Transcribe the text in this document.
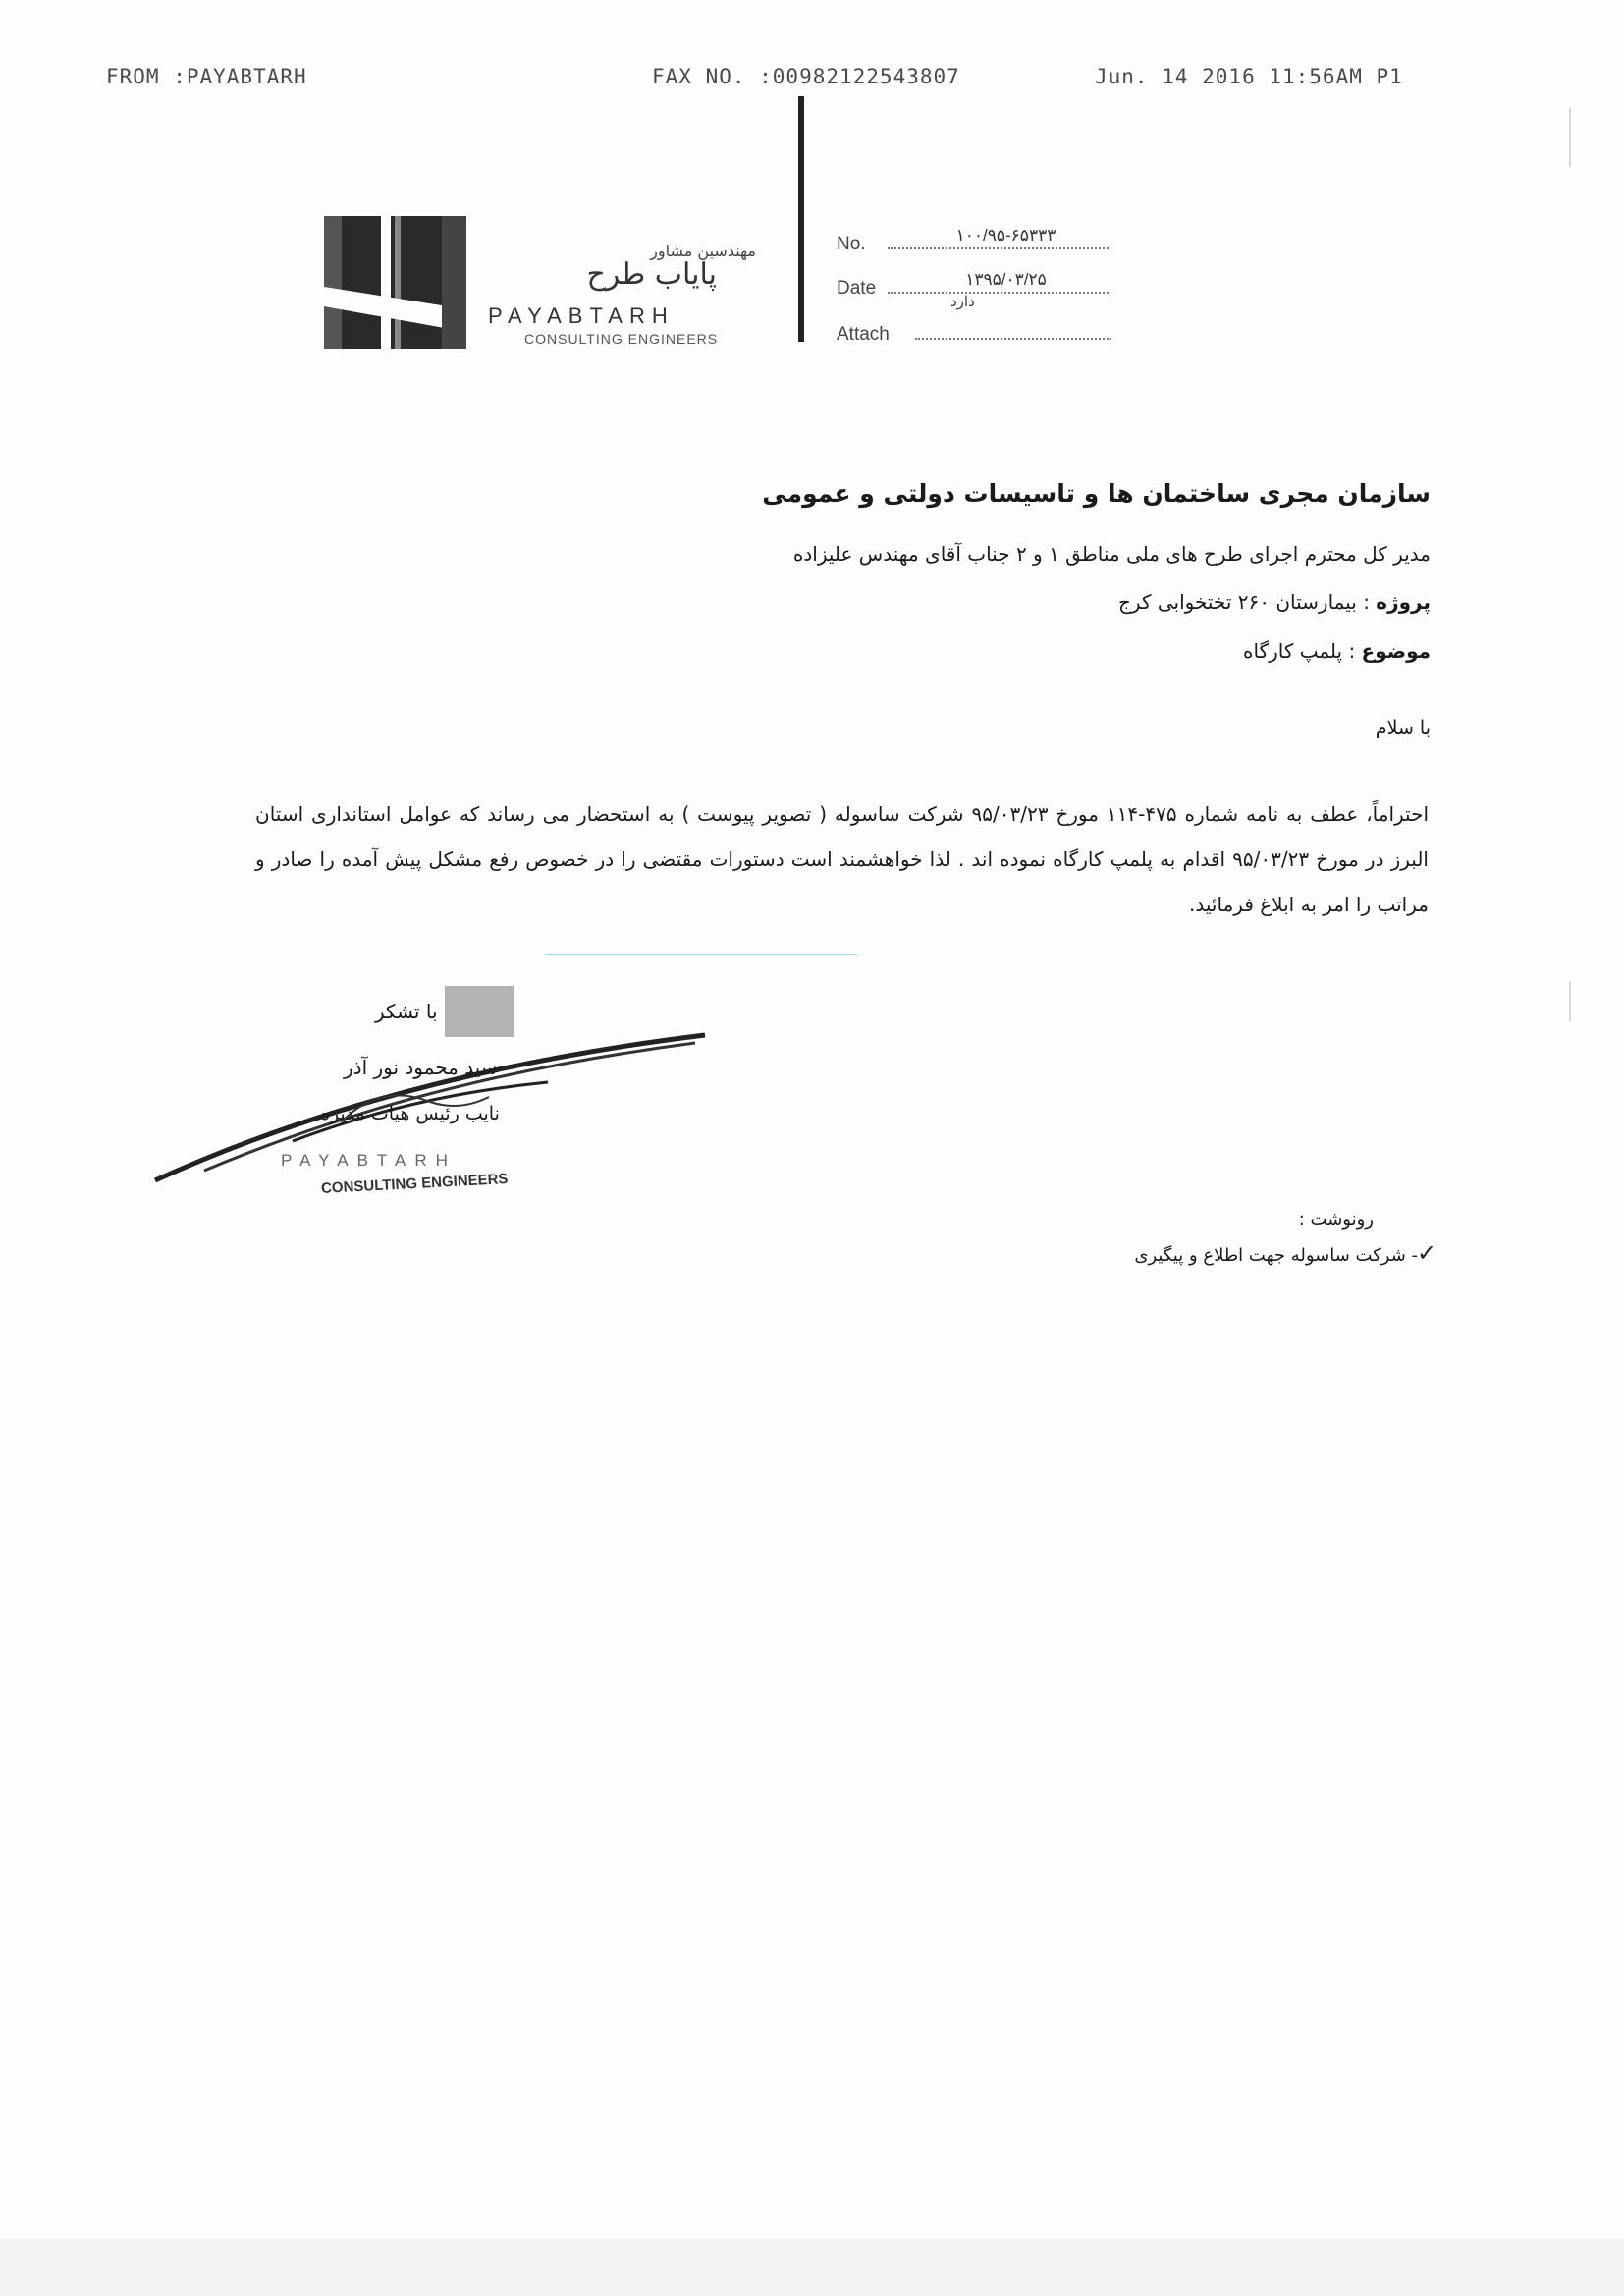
FROM :PAYABTARH	FAX NO. :00982122543807	Jun. 14 2016 11:56AM P1
مهندسین مشاور
پایاب طرح
PAYABTARH
CONSULTING ENGINEERS
No.	۱۰۰/۹۵-۶۵۳۳۳
Date	۱۳۹۵/۰۳/۲۵
دارد
Attach
سازمان مجری ساختمان ها و تاسیسات دولتی و عمومی
مدیر کل محترم اجرای طرح های ملی مناطق ۱ و ۲ جناب آقای مهندس علیزاده
پروژه : بیمارستان ۲۶۰ تختخوابی کرج
موضوع : پلمپ کارگاه
با سلام
احتراماً، عطف به نامه شماره ۴۷۵-۱۱۴ مورخ ۹۵/۰۳/۲۳ شرکت ساسوله ( تصویر پیوست ) به استحضار می رساند که عوامل استانداری استان البرز در مورخ ۹۵/۰۳/۲۳ اقدام به پلمپ کارگاه نموده اند . لذا خواهشمند است دستورات مقتضی را در خصوص رفع مشکل پیش آمده را صادر و مراتب را امر به ابلاغ فرمائید.
با تشکر
سید محمود نور آذر
نایب رئیس هیات مدیره
PAYABTARH
CONSULTING ENGINEERS
رونوشت :
- شرکت ساسوله جهت اطلاع و پیگیری ✓
